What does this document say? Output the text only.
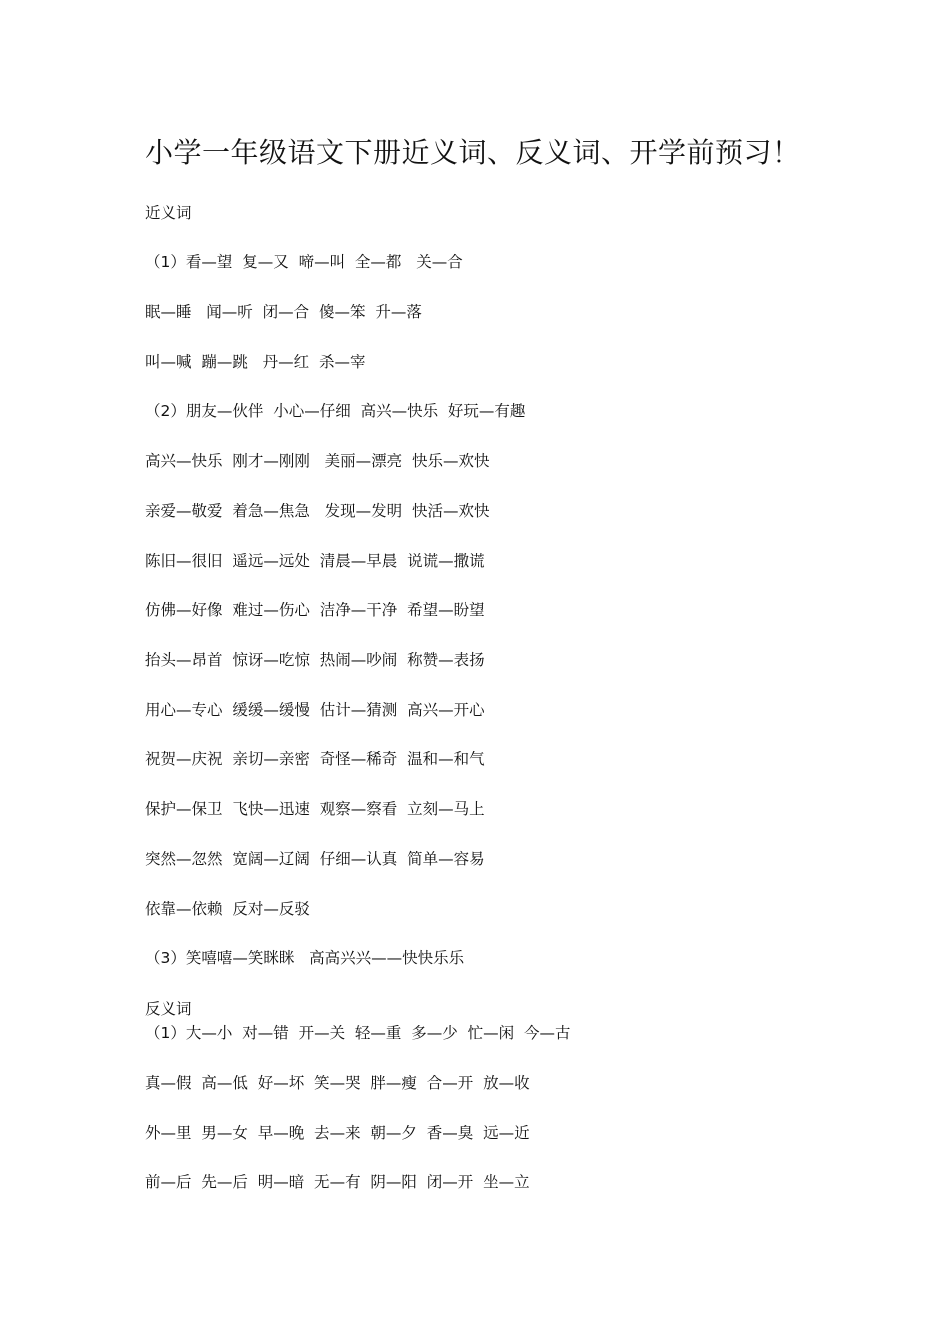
小学一年级语文下册近义词、反义词、开学前预习！
近义词
（1）看—望  复—又  啼—叫  全—都   关—合
眠—睡   闻—听  闭—合  傻—笨  升—落
叫—喊  蹦—跳   丹—红  杀—宰
（2）朋友—伙伴  小心—仔细  高兴—快乐  好玩—有趣
高兴—快乐  刚才—刚刚   美丽—漂亮  快乐—欢快
亲爱—敬爱  着急—焦急   发现—发明  快活—欢快
陈旧—很旧  遥远—远处  清晨—早晨  说谎—撒谎
仿佛—好像  难过—伤心  洁净—干净  希望—盼望
抬头—昂首  惊讶—吃惊  热闹—吵闹  称赞—表扬
用心—专心  缓缓—缓慢  估计—猜测  高兴—开心
祝贺—庆祝  亲切—亲密  奇怪—稀奇  温和—和气
保护—保卫  飞快—迅速  观察—察看  立刻—马上
突然—忽然  宽阔—辽阔  仔细—认真  简单—容易
依靠—依赖  反对—反驳
（3）笑嘻嘻—笑眯眯   高高兴兴——快快乐乐
反义词
（1）大—小  对—错  开—关  轻—重  多—少  忙—闲  今—古
真—假  高—低  好—坏  笑—哭  胖—瘦  合—开  放—收
外—里  男—女  早—晚  去—来  朝—夕  香—臭  远—近
前—后  先—后  明—暗  无—有  阴—阳  闭—开  坐—立
